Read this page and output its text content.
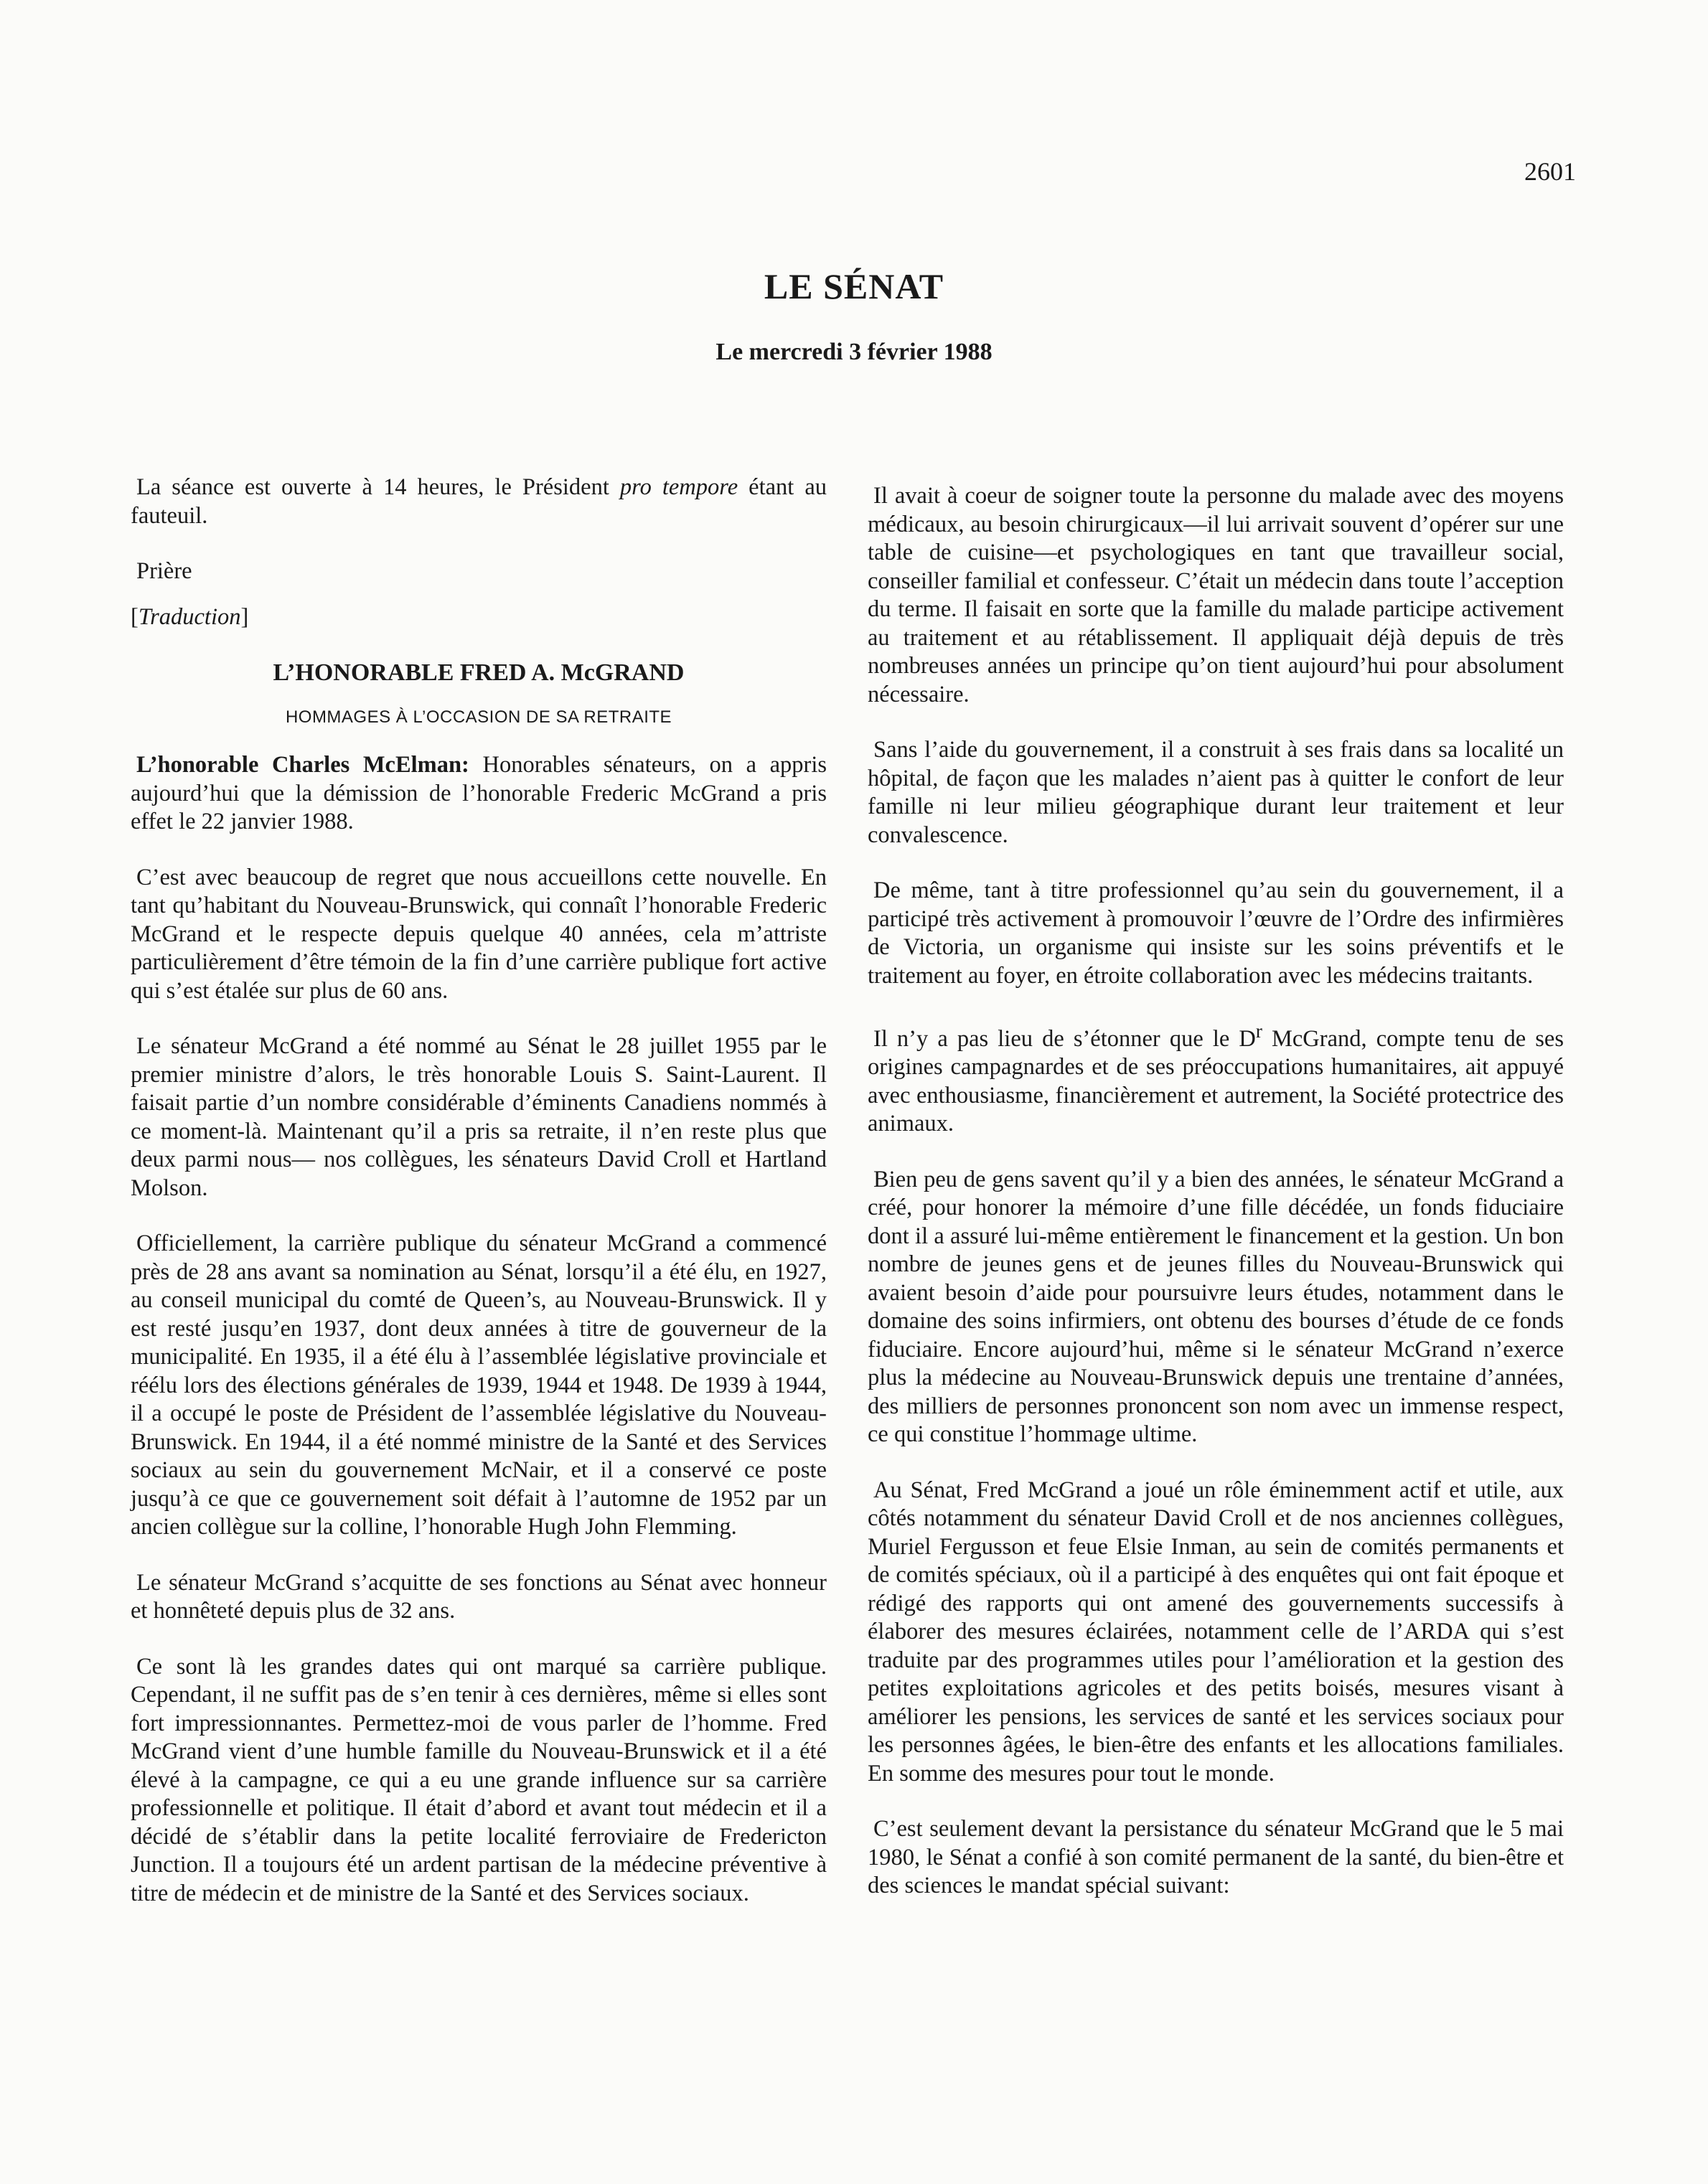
2601
LE SÉNAT
Le mercredi 3 février 1988

La séance est ouverte à 14 heures, le Président pro tempore étant au fauteuil.

Prière

[Traduction]

L’HONORABLE FRED A. McGRAND
HOMMAGES À L’OCCASION DE SA RETRAITE

L’honorable Charles McElman: Honorables sénateurs, on a appris aujourd’hui que la démission de l’honorable Frederic McGrand a pris effet le 22 janvier 1988.

C’est avec beaucoup de regret que nous accueillons cette nouvelle. En tant qu’habitant du Nouveau-Brunswick, qui connaît l’honorable Frederic McGrand et le respecte depuis quelque 40 années, cela m’attriste particulièrement d’être témoin de la fin d’une carrière publique fort active qui s’est étalée sur plus de 60 ans.

Le sénateur McGrand a été nommé au Sénat le 28 juillet 1955 par le premier ministre d’alors, le très honorable Louis S. Saint-Laurent. Il faisait partie d’un nombre considérable d’éminents Canadiens nommés à ce moment-là. Maintenant qu’il a pris sa retraite, il n’en reste plus que deux parmi nous— nos collègues, les sénateurs David Croll et Hartland Molson.

Officiellement, la carrière publique du sénateur McGrand a commencé près de 28 ans avant sa nomination au Sénat, lorsqu’il a été élu, en 1927, au conseil municipal du comté de Queen’s, au Nouveau-Brunswick. Il y est resté jusqu’en 1937, dont deux années à titre de gouverneur de la municipalité. En 1935, il a été élu à l’assemblée législative provinciale et réélu lors des élections générales de 1939, 1944 et 1948. De 1939 à 1944, il a occupé le poste de Président de l’assemblée législative du Nouveau-Brunswick. En 1944, il a été nommé ministre de la Santé et des Services sociaux au sein du gouvernement McNair, et il a conservé ce poste jusqu’à ce que ce gouvernement soit défait à l’automne de 1952 par un ancien collègue sur la colline, l’honorable Hugh John Flemming.

Le sénateur McGrand s’acquitte de ses fonctions au Sénat avec honneur et honnêteté depuis plus de 32 ans.

Ce sont là les grandes dates qui ont marqué sa carrière publique. Cependant, il ne suffit pas de s’en tenir à ces dernières, même si elles sont fort impressionnantes. Permettez-moi de vous parler de l’homme. Fred McGrand vient d’une humble famille du Nouveau-Brunswick et il a été élevé à la campagne, ce qui a eu une grande influence sur sa carrière professionnelle et politique. Il était d’abord et avant tout médecin et il a décidé de s’établir dans la petite localité ferroviaire de Fredericton Junction. Il a toujours été un ardent partisan de la médecine préventive à titre de médecin et de ministre de la Santé et des Services sociaux.

Il avait à coeur de soigner toute la personne du malade avec des moyens médicaux, au besoin chirurgicaux—il lui arrivait souvent d’opérer sur une table de cuisine—et psychologiques en tant que travailleur social, conseiller familial et confesseur. C’était un médecin dans toute l’acception du terme. Il faisait en sorte que la famille du malade participe activement au traitement et au rétablissement. Il appliquait déjà depuis de très nombreuses années un principe qu’on tient aujourd’hui pour absolument nécessaire.

Sans l’aide du gouvernement, il a construit à ses frais dans sa localité un hôpital, de façon que les malades n’aient pas à quitter le confort de leur famille ni leur milieu géographique durant leur traitement et leur convalescence.

De même, tant à titre professionnel qu’au sein du gouvernement, il a participé très activement à promouvoir l’œuvre de l’Ordre des infirmières de Victoria, un organisme qui insiste sur les soins préventifs et le traitement au foyer, en étroite collaboration avec les médecins traitants.

Il n’y a pas lieu de s’étonner que le $D^r$ McGrand, compte tenu de ses origines campagnardes et de ses préoccupations humanitaires, ait appuyé avec enthousiasme, financièrement et autrement, la Société protectrice des animaux.

Bien peu de gens savent qu’il y a bien des années, le sénateur McGrand a créé, pour honorer la mémoire d’une fille décédée, un fonds fiduciaire dont il a assuré lui-même entièrement le financement et la gestion. Un bon nombre de jeunes gens et de jeunes filles du Nouveau-Brunswick qui avaient besoin d’aide pour poursuivre leurs études, notamment dans le domaine des soins infirmiers, ont obtenu des bourses d’étude de ce fonds fiduciaire. Encore aujourd’hui, même si le sénateur McGrand n’exerce plus la médecine au Nouveau-Brunswick depuis une trentaine d’années, des milliers de personnes prononcent son nom avec un immense respect, ce qui constitue l’hommage ultime.

Au Sénat, Fred McGrand a joué un rôle éminemment actif et utile, aux côtés notamment du sénateur David Croll et de nos anciennes collègues, Muriel Fergusson et feue Elsie Inman, au sein de comités permanents et de comités spéciaux, où il a participé à des enquêtes qui ont fait époque et rédigé des rapports qui ont amené des gouvernements successifs à élaborer des mesures éclairées, notamment celle de l’ARDA qui s’est traduite par des programmes utiles pour l’amélioration et la gestion des petites exploitations agricoles et des petits boisés, mesures visant à améliorer les pensions, les services de santé et les services sociaux pour les personnes âgées, le bien-être des enfants et les allocations familiales. En somme des mesures pour tout le monde.

C’est seulement devant la persistance du sénateur McGrand que le 5 mai 1980, le Sénat a confié à son comité permanent de la santé, du bien-être et des sciences le mandat spécial suivant:
